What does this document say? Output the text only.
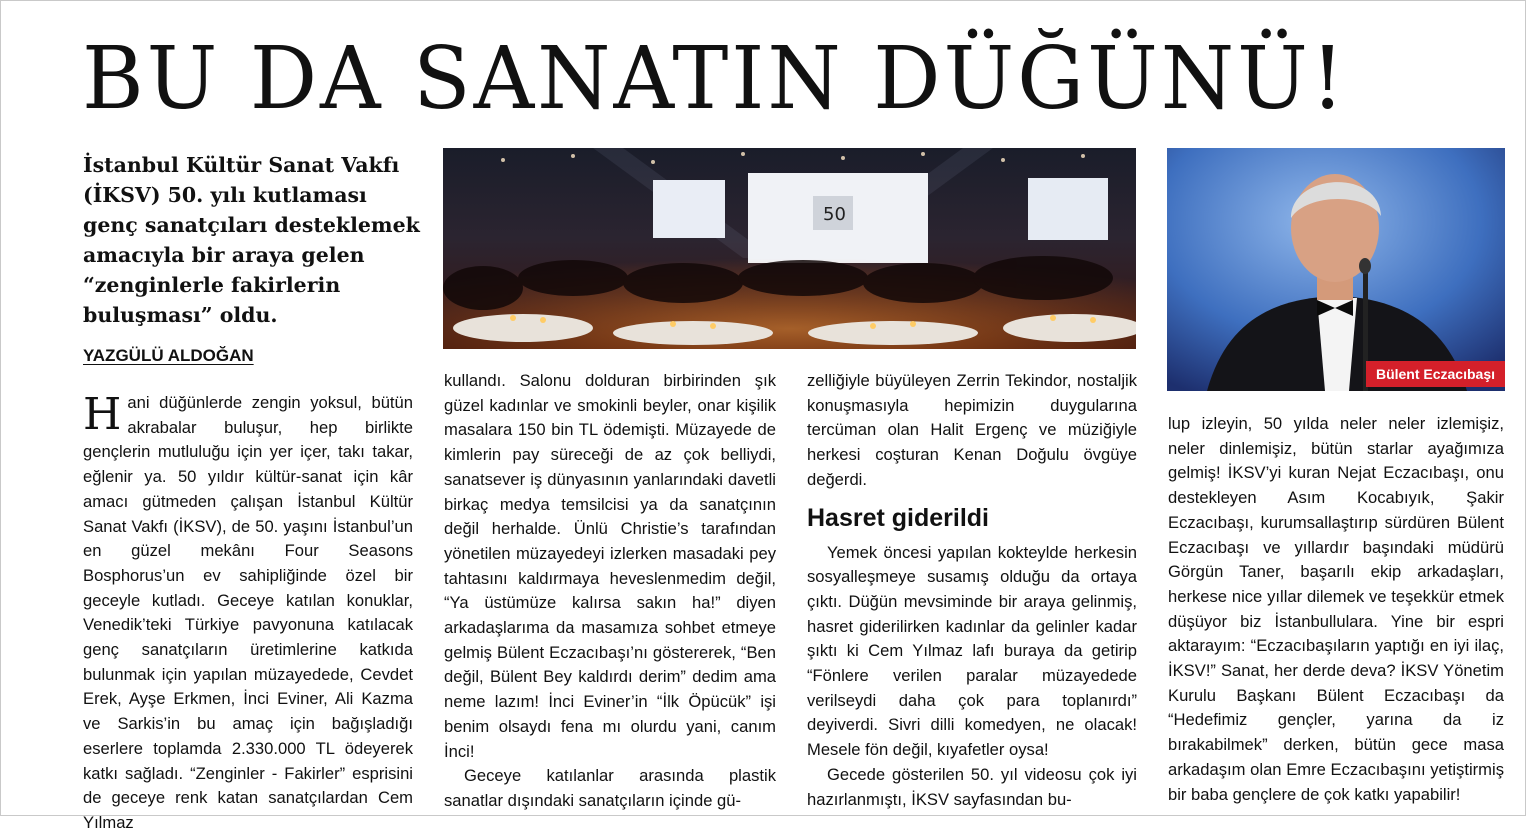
BU DA SANATIN DÜĞÜNÜ!

İstanbul Kültür Sanat Vakfı (İKSV) 50. yılı kutlaması genç sanatçıları desteklemek amacıyla bir araya gelen “zenginlerle fakirlerin buluşması” oldu.

YAZGÜLÜ ALDOĞAN
50
Bülent Eczacıbaşı
H ani düğünlerde zengin yoksul, bütün akrabalar buluşur, hep birlikte gençlerin mutluluğu için yer içer, takı takar, eğlenir ya. 50 yıldır kültür-sanat için kâr amacı gütmeden çalışan İstanbul Kültür Sanat Vakfı (İKSV), de 50. yaşını İstanbul’un en güzel mekânı Four Seasons Bosphorus’un ev sahipliğinde özel bir geceyle kutladı. Geceye katılan konuklar, Venedik’teki Türkiye pavyonuna katılacak genç sanatçıların üretimlerine katkıda bulunmak için yapılan müzayedede, Cevdet Erek, Ayşe Erkmen, İnci Eviner, Ali Kazma ve Sarkis’in bu amaç için bağışladığı eserlere toplamda 2.330.000 TL ödeyerek katkı sağladı. “Zenginler - Fakirler” esprisini de geceye renk katan sanatçılardan Cem Yılmaz

kullandı. Salonu dolduran birbirinden şık güzel kadınlar ve smokinli beyler, onar kişilik masalara 150 bin TL ödemişti. Müzayede de kimlerin pay süreceği de az çok belliydi, sanatsever iş dünyasının yanlarındaki davetli birkaç medya temsilcisi ya da sanatçının değil herhalde. Ünlü Christie’s tarafından yönetilen müzayedeyi izlerken masadaki pey tahtasını kaldırmaya heveslenmedim değil, “Ya üstümüze kalırsa sakın ha!” diyen arkadaşlarıma da masamıza sohbet etmeye gelmiş Bülent Eczacıbaşı’nı göstererek, “Ben değil, Bülent Bey kaldırdı derim” dedim ama neme lazım! İnci Eviner’in “İlk Öpücük” işi benim olsaydı fena mı olurdu yani, canım İnci!

Geceye katılanlar arasında plastik sanatlar dışındaki sanatçıların içinde gü-

zelliğiyle büyüleyen Zerrin Tekindor, nostaljik konuşmasıyla hepimizin duygularına tercüman olan Halit Ergenç ve müziğiyle herkesi coşturan Kenan Doğulu övgüye değerdi.

Hasret giderildi

Yemek öncesi yapılan kokteylde herkesin sosyalleşmeye susamış olduğu da ortaya çıktı. Düğün mevsiminde bir araya gelinmiş, hasret giderilirken kadınlar da gelinler kadar şıktı ki Cem Yılmaz lafı buraya da getirip “Fönlere verilen paralar müzayedede verilseydi daha çok para toplanırdı” deyiverdi. Sivri dilli komedyen, ne olacak! Mesele fön değil, kıyafetler oysa!

Gecede gösterilen 50. yıl videosu çok iyi hazırlanmıştı, İKSV sayfasından bu-

lup izleyin, 50 yılda neler neler izlemişiz, neler dinlemişiz, bütün starlar ayağımıza gelmiş! İKSV’yi kuran Nejat Eczacıbaşı, onu destekleyen Asım Kocabıyık, Şakir Eczacıbaşı, kurumsallaştırıp sürdüren Bülent Eczacıbaşı ve yıllardır başındaki müdürü Görgün Taner, başarılı ekip arkadaşları, herkese nice yıllar dilemek ve teşekkür etmek düşüyor biz İstanbullulara. Yine bir espri aktarayım: “Eczacıbaşıların yaptığı en iyi ilaç, İKSV!” Sanat, her derde deva? İKSV Yönetim Kurulu Başkanı Bülent Eczacıbaşı da “Hedefimiz gençler, yarına da iz bırakabilmek” derken, bütün gece masa arkadaşım olan Emre Eczacıbaşını yetiştirmiş bir baba gençlere de çok katkı yapabilir!
